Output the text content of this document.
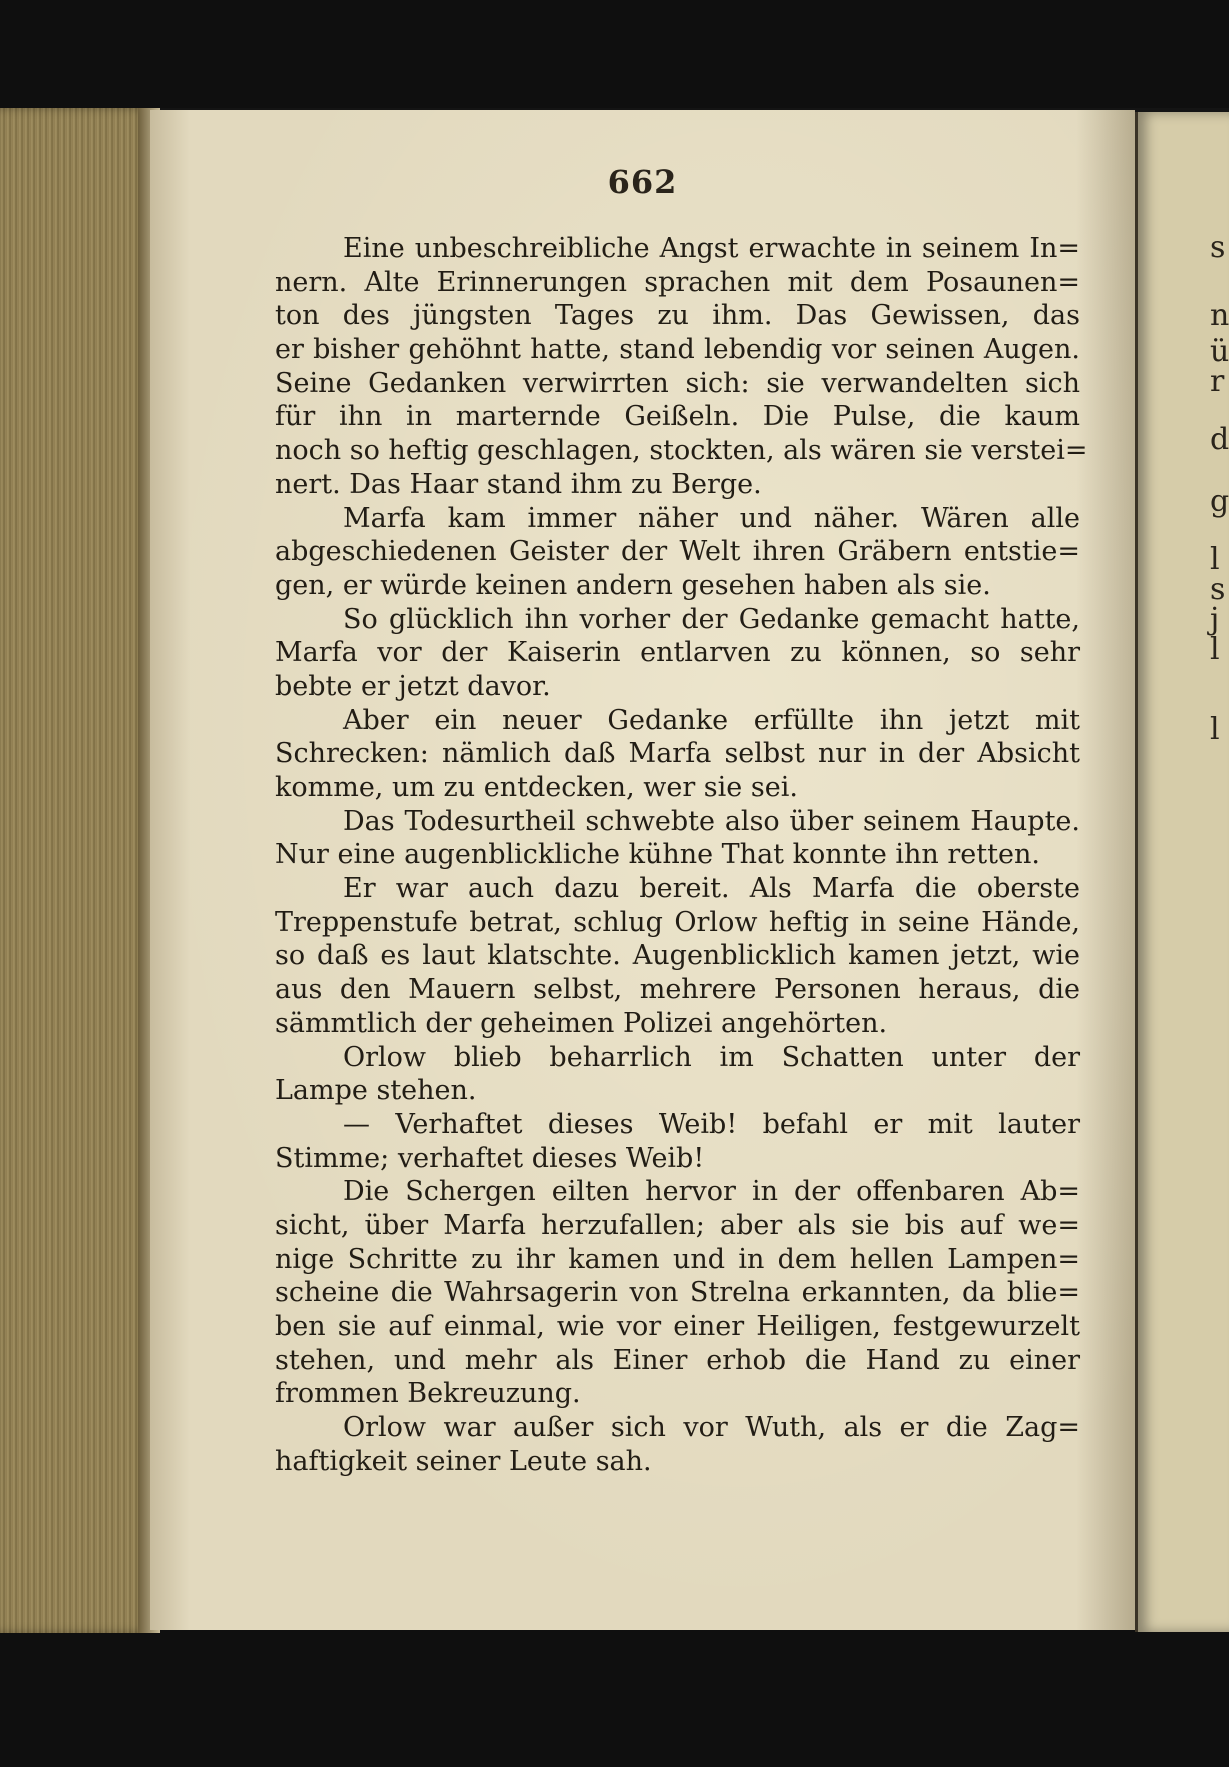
662
Eine unbeschreibliche Angst erwachte in seinem In=
nern. Alte Erinnerungen sprachen mit dem Posaunen=
ton des jüngsten Tages zu ihm. Das Gewissen, das
er bisher gehöhnt hatte, stand lebendig vor seinen Augen.
Seine Gedanken verwirrten sich: sie verwandelten sich
für ihn in marternde Geißeln. Die Pulse, die kaum
noch so heftig geschlagen, stockten, als wären sie verstei=
nert. Das Haar stand ihm zu Berge.
Marfa kam immer näher und näher. Wären alle
abgeschiedenen Geister der Welt ihren Gräbern entstie=
gen, er würde keinen andern gesehen haben als sie.
So glücklich ihn vorher der Gedanke gemacht hatte,
Marfa vor der Kaiserin entlarven zu können, so sehr
bebte er jetzt davor.
Aber ein neuer Gedanke erfüllte ihn jetzt mit
Schrecken: nämlich daß Marfa selbst nur in der Absicht
komme, um zu entdecken, wer sie sei.
Das Todesurtheil schwebte also über seinem Haupte.
Nur eine augenblickliche kühne That konnte ihn retten.
Er war auch dazu bereit. Als Marfa die oberste
Treppenstufe betrat, schlug Orlow heftig in seine Hände,
so daß es laut klatschte. Augenblicklich kamen jetzt, wie
aus den Mauern selbst, mehrere Personen heraus, die
sämmtlich der geheimen Polizei angehörten.
Orlow blieb beharrlich im Schatten unter der
Lampe stehen.
— Verhaftet dieses Weib! befahl er mit lauter
Stimme; verhaftet dieses Weib!
Die Schergen eilten hervor in der offenbaren Ab=
sicht, über Marfa herzufallen; aber als sie bis auf we=
nige Schritte zu ihr kamen und in dem hellen Lampen=
scheine die Wahrsagerin von Strelna erkannten, da blie=
ben sie auf einmal, wie vor einer Heiligen, festgewurzelt
stehen, und mehr als Einer erhob die Hand zu einer
frommen Bekreuzung.
Orlow war außer sich vor Wuth, als er die Zag=
haftigkeit seiner Leute sah.
s
n
ü
r
d
g
l
s
j
l
l
